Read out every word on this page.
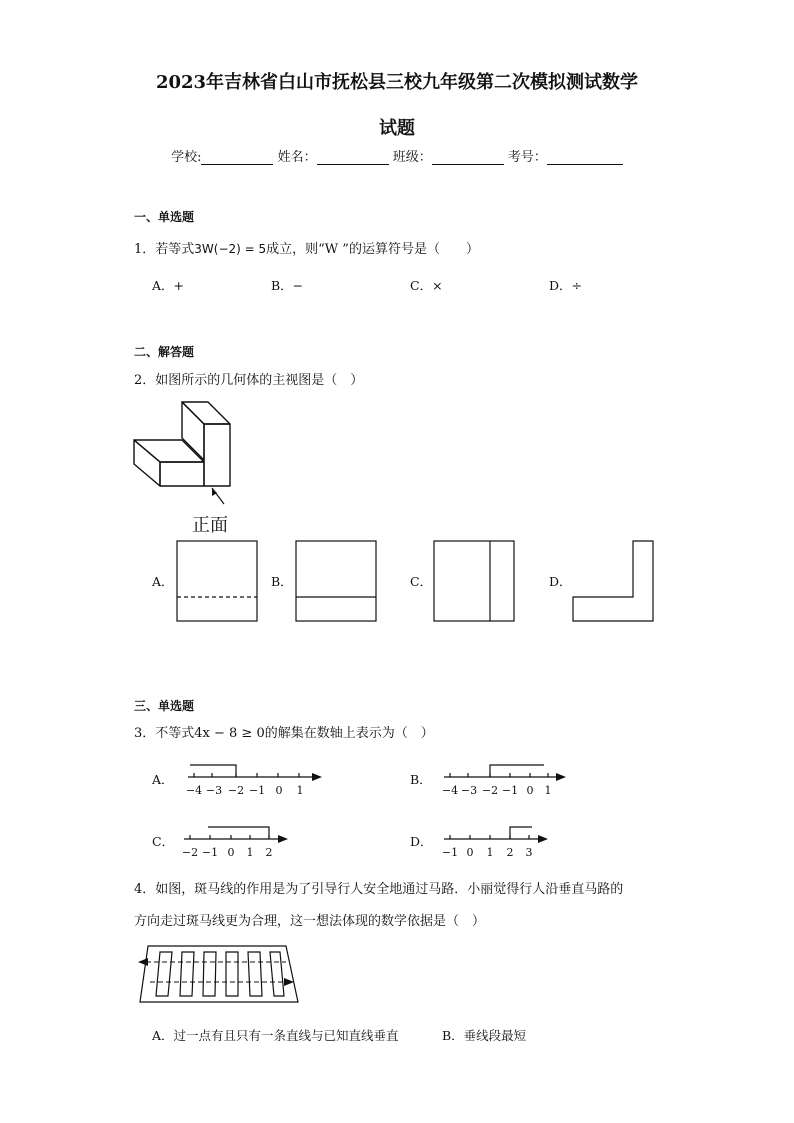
2023年吉林省白山市抚松县三校九年级第二次模拟测试数学
试题
学校:	姓名：	班级：	考号：
一、单选题
1．若等式3W(−2) = 5成立，则“W ”的运算符号是（　　）
A．+	B．−	C．×	D．÷
二、解答题
2．如图所示的几何体的主视图是（　）
正面
A．	B．	C．	D．
三、单选题
3．不等式4x − 8 ≥ 0的解集在数轴上表示为（　）
A．
−4 −3 −2 −1 0 1
B．
−4 −3 −2 −1 0 1
C．
−2 −1 0 1 2
D．
−1 0 1 2 3
4．如图，斑马线的作用是为了引导行人安全地通过马路．小丽觉得行人沿垂直马路的
方向走过斑马线更为合理，这一想法体现的数学依据是（　）
A．过一点有且只有一条直线与已知直线垂直	B．垂线段最短
